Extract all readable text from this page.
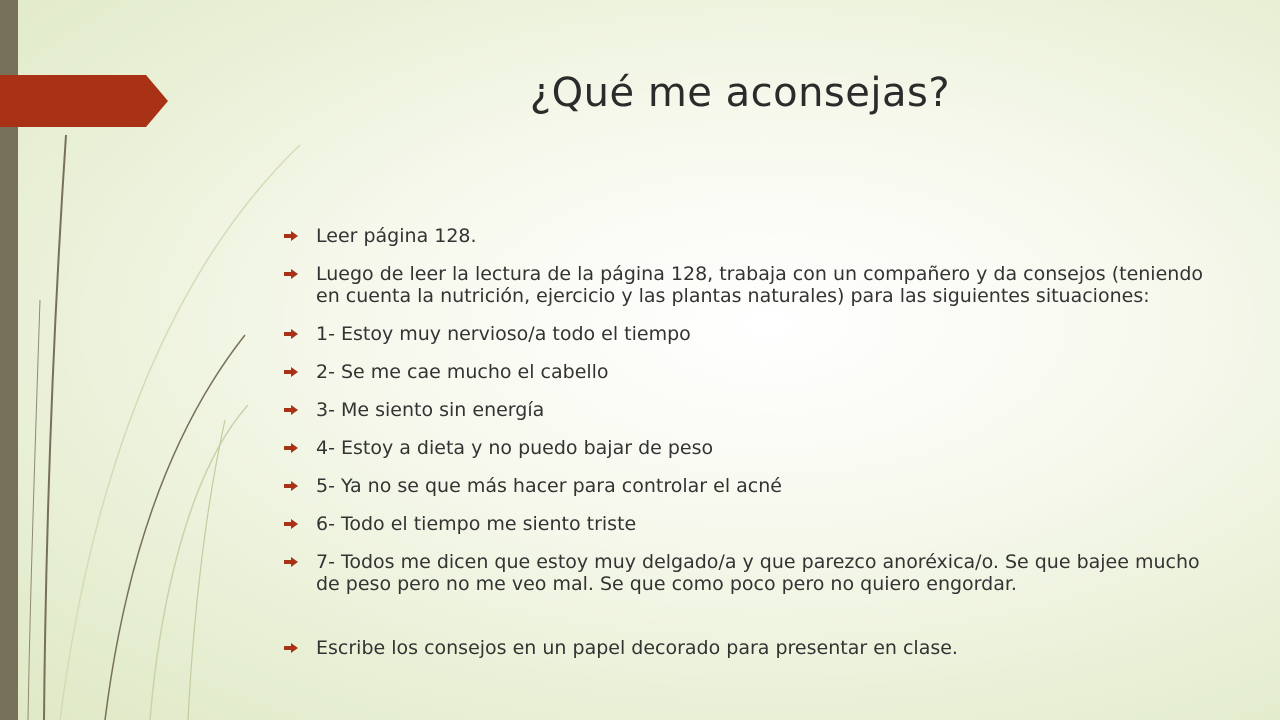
¿Qué me aconsejas?
Leer página 128.
Luego de leer la lectura de la página 128, trabaja con un compañero y da consejos (teniendo en cuenta la nutrición, ejercicio y las plantas naturales) para las siguientes situaciones:
1- Estoy muy nervioso/a todo el tiempo
2- Se me cae mucho el cabello
3- Me siento sin energía
4- Estoy a dieta y no puedo bajar de peso
5- Ya no se que más hacer para controlar el acné
6- Todo el tiempo me siento triste
7- Todos me dicen que estoy muy delgado/a y que parezco anoréxica/o. Se que bajee mucho de peso pero no me veo mal. Se que como poco pero no quiero engordar.
Escribe los consejos en un papel decorado para presentar en clase.
